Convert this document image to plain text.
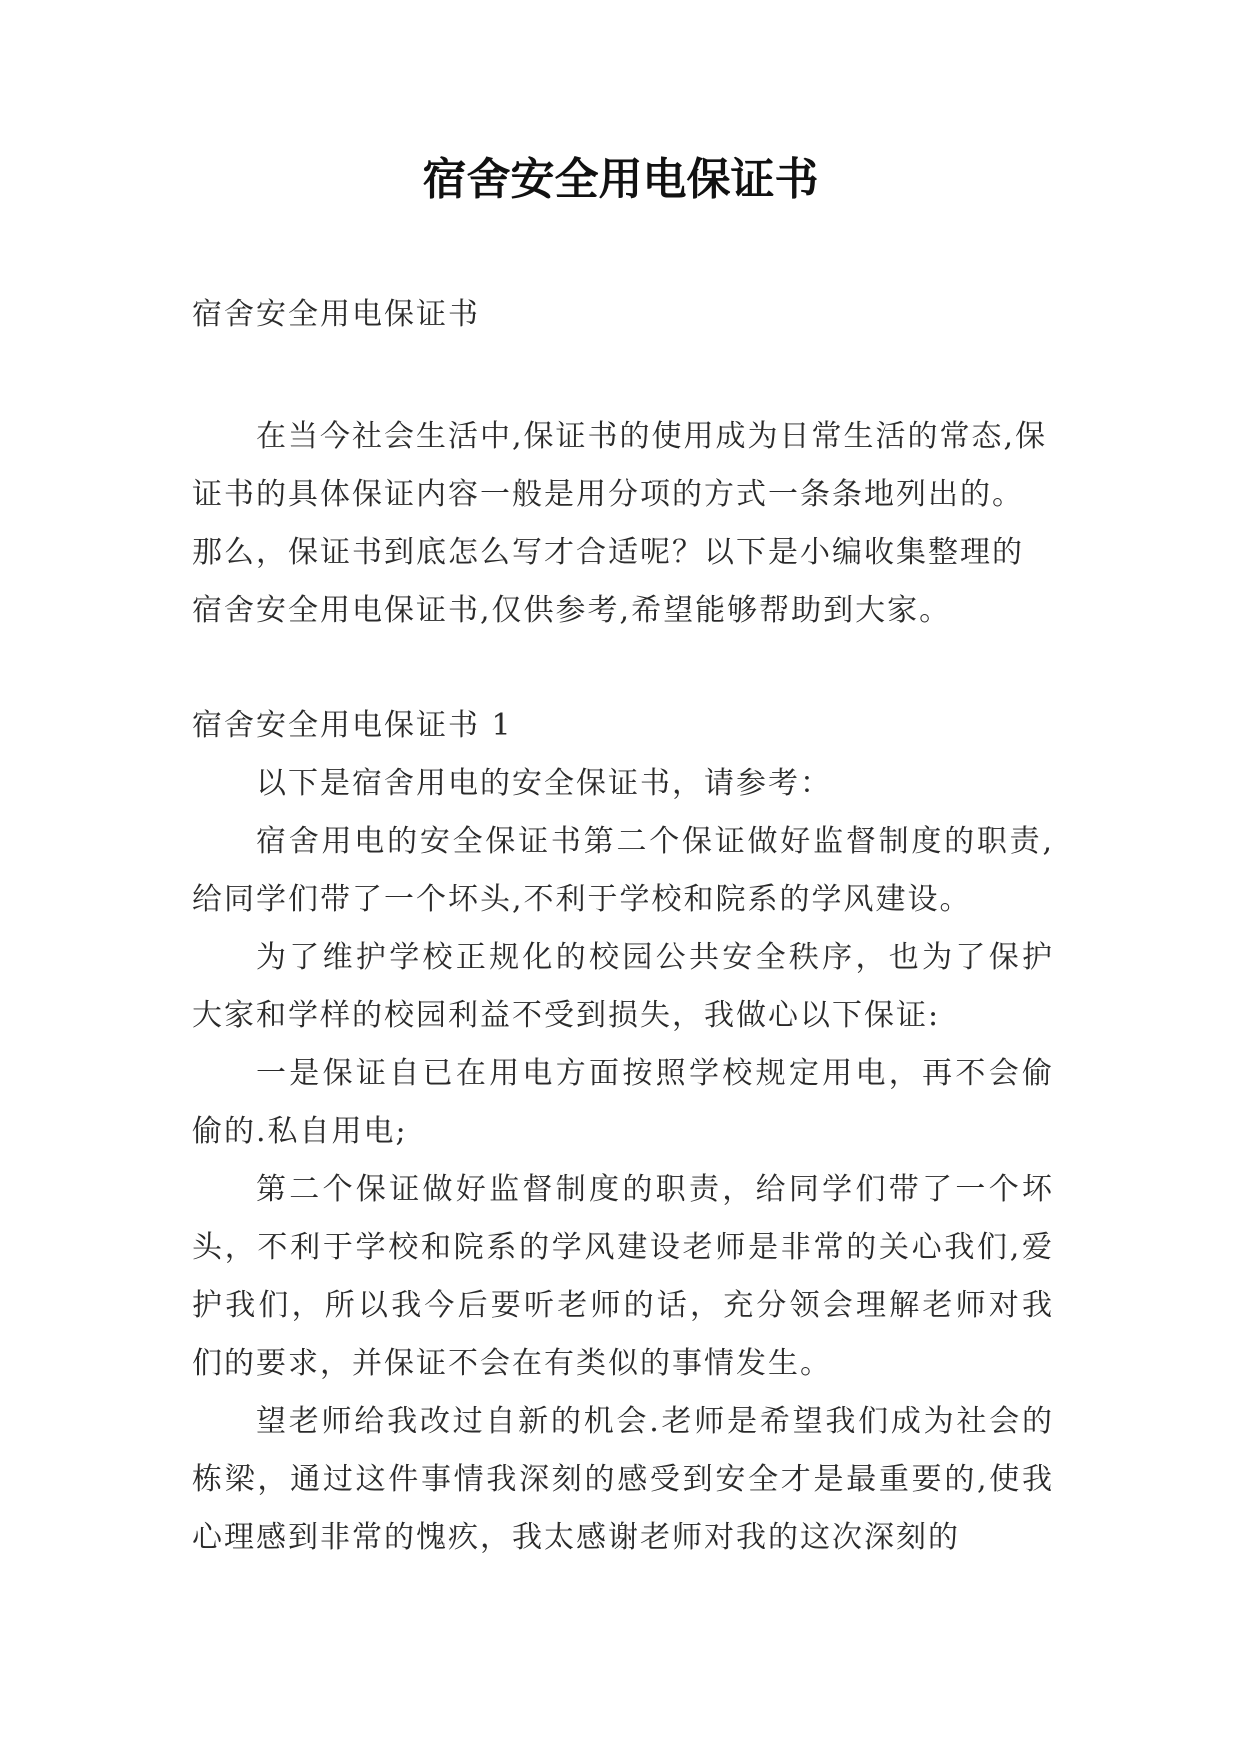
宿舍安全用电保证书

宿舍安全用电保证书

在当今社会生活中,保证书的使用成为日常生活的常态,保证书的具体保证内容一般是用分项的方式一条条地列出的。那么，保证书到底怎么写才合适呢？以下是小编收集整理的宿舍安全用电保证书,仅供参考,希望能够帮助到大家。

宿舍安全用电保证书 1

以下是宿舍用电的安全保证书，请参考：

宿舍用电的安全保证书第二个保证做好监督制度的职责,给同学们带了一个坏头,不利于学校和院系的学风建设。

为了维护学校正规化的校园公共安全秩序，也为了保护大家和学样的校园利益不受到损失，我做心以下保证:

一是保证自已在用电方面按照学校规定用电，再不会偷偷的.私自用电;

第二个保证做好监督制度的职责，给同学们带了一个坏头，不利于学校和院系的学风建设老师是非常的关心我们,爱护我们，所以我今后要听老师的话，充分领会理解老师对我们的要求，并保证不会在有类似的事情发生。

望老师给我改过自新的机会.老师是希望我们成为社会的栋梁，通过这件事情我深刻的感受到安全才是最重要的,使我心理感到非常的愧疚，我太感谢老师对我的这次深刻的
